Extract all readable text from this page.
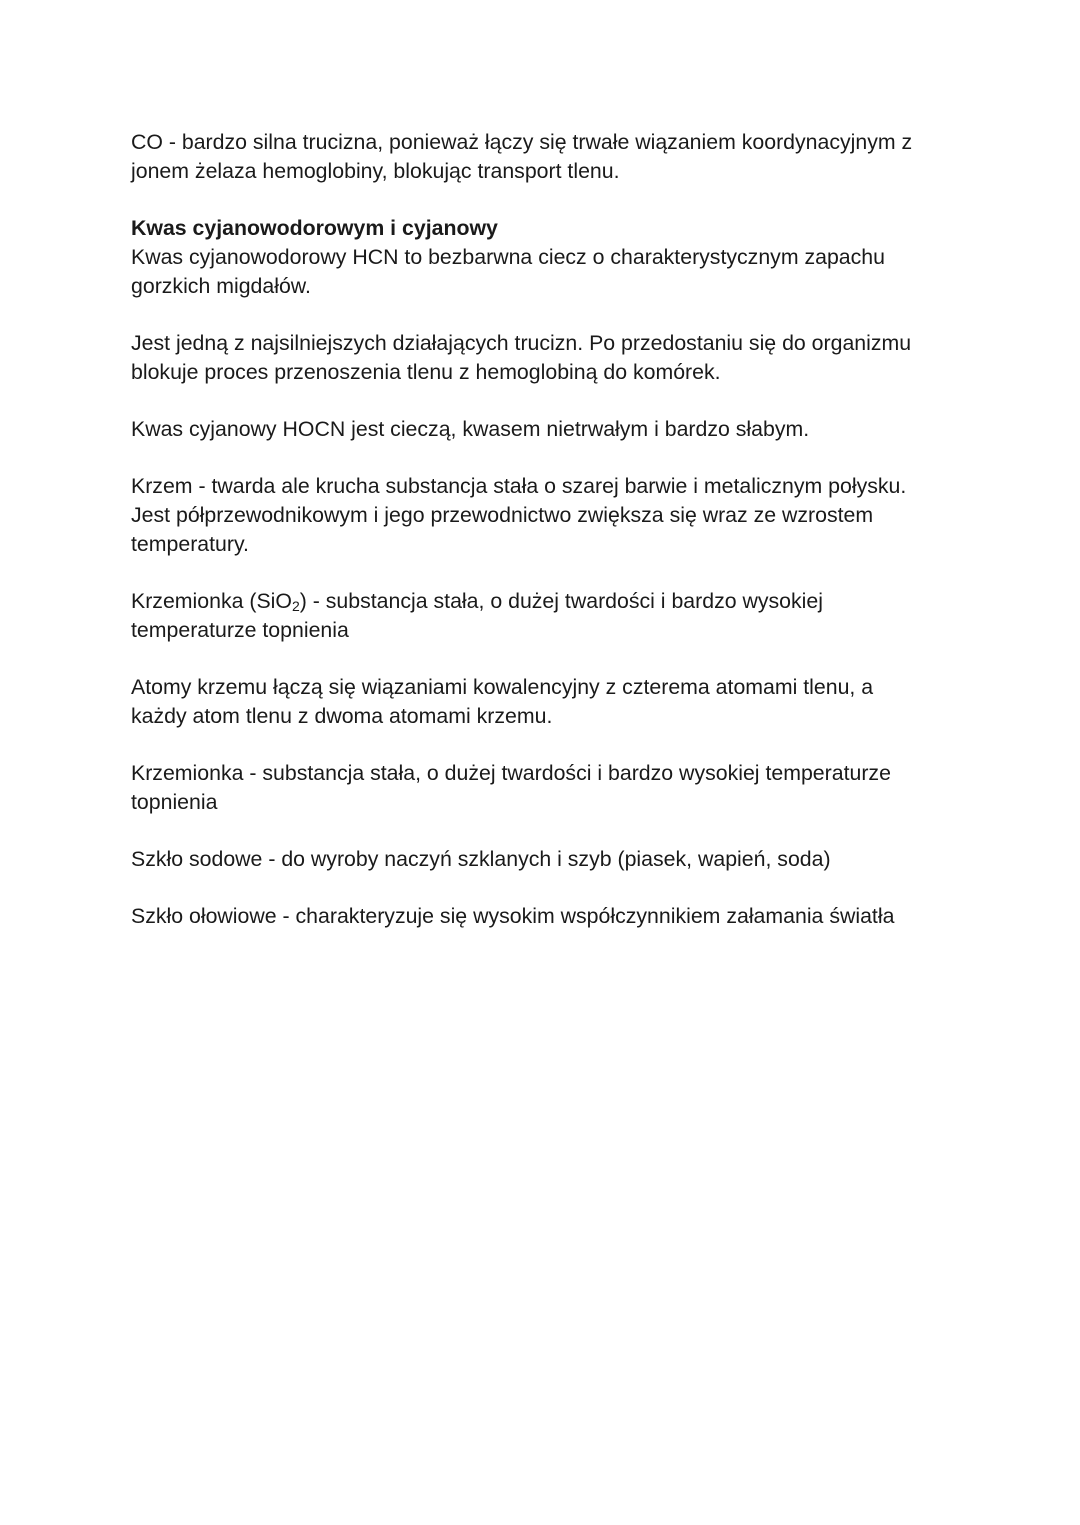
CO - bardzo silna trucizna, ponieważ łączy się trwałe wiązaniem koordynacyjnym z
jonem żelaza hemoglobiny, blokując transport tlenu.

Kwas cyjanowodorowym i cyjanowy

Kwas cyjanowodorowy HCN to bezbarwna ciecz o charakterystycznym zapachu
gorzkich migdałów.

Jest jedną z najsilniejszych działających trucizn. Po przedostaniu się do organizmu
blokuje proces przenoszenia tlenu z hemoglobiną do komórek.

Kwas cyjanowy HOCN jest cieczą, kwasem nietrwałym i bardzo słabym.

Krzem - twarda ale krucha substancja stała o szarej barwie i metalicznym połysku.
Jest półprzewodnikowym i jego przewodnictwo zwiększa się wraz ze wzrostem
temperatury.

Krzemionka (SiO$_2$) - substancja stała, o dużej twardości i bardzo wysokiej
temperaturze topnienia

Atomy krzemu łączą się wiązaniami kowalencyjny z czterema atomami tlenu, a
każdy atom tlenu z dwoma atomami krzemu.

Krzemionka - substancja stała, o dużej twardości i bardzo wysokiej temperaturze
topnienia

Szkło sodowe - do wyroby naczyń szklanych i szyb (piasek, wapień, soda)

Szkło ołowiowe - charakteryzuje się wysokim współczynnikiem załamania światła
